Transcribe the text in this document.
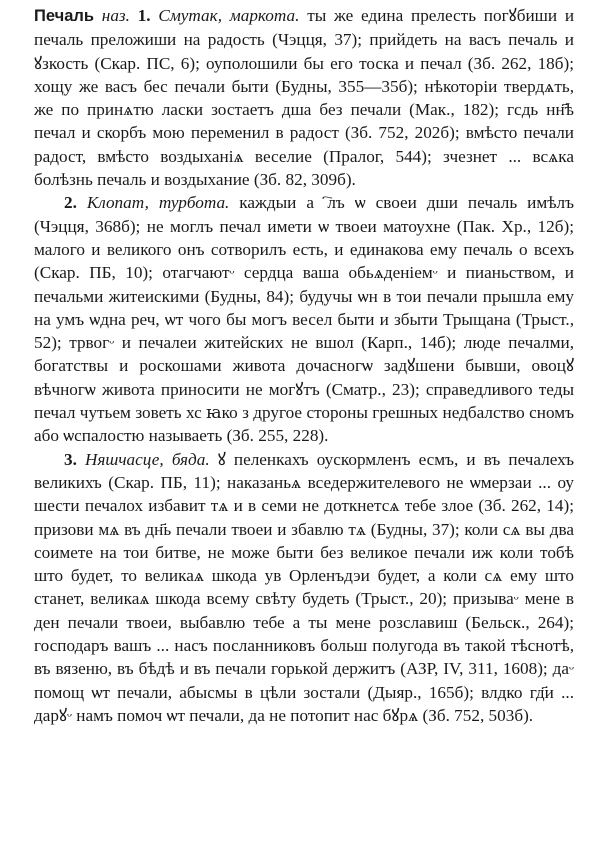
Печаль наз. 1. Смутак, маркота. ты же едина прелесть погꙋбиши и печаль преложиши на радость (Чэцця, 37); прийдеть на васъ печаль и ꙋзкость (Скар. ПС, 6); оуполошили бы его тоска и печал (Зб. 262, 18б); хощу же васъ бес печали быти (Будны, 355—35б); нѣкоторіи твердѧть, же по принѧтю ласки зостаетъ дша без печали (Мак., 182); гсдь нн҃ѣ печал и скорбъ мою переменил в радост (Зб. 752, 202б); вмѣсто печали радост, вмѣсто воздыханіѧ веселие (Пралог, 544); зчезнет ... всѧка болѣзнь печаль и воздыхание (Зб. 82, 309б).

2. Клопат, турбота. каждыи аⷢ҇лъ ѡ своеи дши печаль имѣлъ (Чэцця, 368б); не моглъ печал имети ѡ твоеи матоухне (Пак. Хр., 12б); малого и великого онъ сотворилъ есть, и единакова ему печаль о всехъ (Скар. ПБ, 10); отагчаютᵕ сердца ваша обьѧденіемᵕ и пианьством, и печальми житеискими (Будны, 84); будучы ѡн в тои печали прышла ему на умъ ѡдна реч, ѡт чого бы могъ весел быти и збыти Трыщана (Трыст., 52); трвогᵕ и печалеи житейских не вшол (Карп., 14б); люде печалми, богатствы и роскошами живота дочасногѡ задꙋшени бывши, овоцꙋ вѣчногѡ живота приносити не могꙋтъ (Сматр., 23); справедливого теды печал чутьем зоветь хс ꙗко з другое стороны грешных недбалство сномъ або ѡспалостю называеть (Зб. 255, 228).

3. Няшчасце, бяда. ꙋ пеленкахъ оускормленъ есмъ, и въ печалехъ великихъ (Скар. ПБ, 11); наказаньѧ вседержителевого не ѡмерзаи ... оу шести печалох избавит тѧ и в семи не доткнетсѧ тебе злое (Зб. 262, 14); призови мѧ въ дн҃ь печали твоеи и збавлю тѧ (Будны, 37); коли сѧ вы два соимете на тои битве, не може быти без великое печали иж коли тобѣ што будет, то великаѧ шкода ув Орленъдэи будет, а коли сѧ ему што станет, великаѧ шкода всему свѣту будеть (Трыст., 20); призываᵕ мене в ден печали твоеи, выбавлю тебе а ты мене розславиш (Бельск., 264); господаръ вашъ ... насъ посланниковъ больш полугода въ такой тѣснотѣ, въ вязеню, въ бѣдѣ и въ печали горькой держитъ (АЗР, IV, 311, 1608); даᵕ помощ ѡт печали, абысмы в цѣли зостали (Дыяр., 165б); влдко гд҃и ... дарꙋᵕ намъ помоч ѡт печали, да не потопит нас бꙋрѧ (Зб. 752, 503б).
